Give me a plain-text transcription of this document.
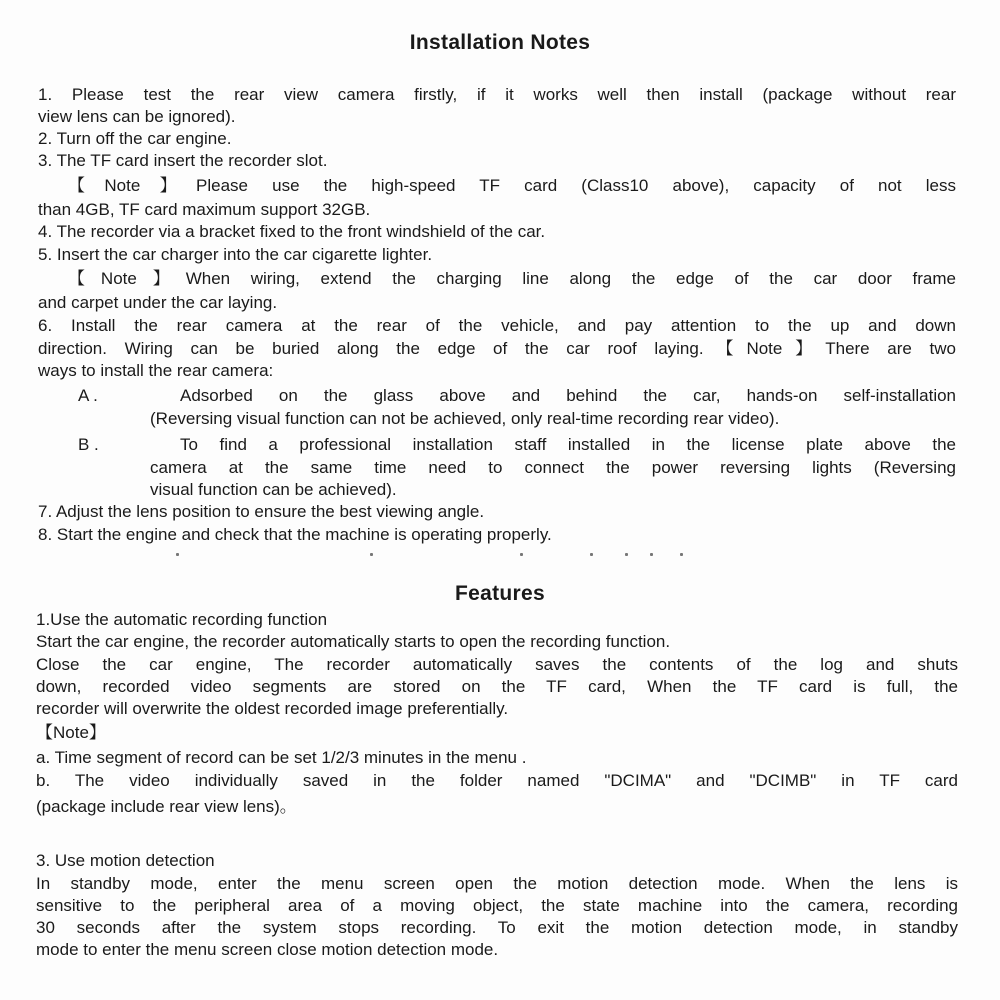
Installation Notes
1. Please test the rear view camera firstly, if it works well then install (package without rear
view lens can be ignored).
2. Turn off the car engine.
3. The TF card insert the recorder slot.
【Note】Please use the high-speed TF card (Class10 above), capacity of not less
than 4GB, TF card maximum support 32GB.
4. The recorder via a bracket fixed to the front windshield of the car.
5. Insert the car charger into the car cigarette lighter.
【Note】When wiring, extend the charging line along the edge of the car door frame
and carpet under the car laying.
6. Install the rear camera at the rear of the vehicle, and pay attention to the up and down
direction. Wiring can be buried along the edge of the car roof laying.【Note】There are two
ways to install the rear camera:
A .	Adsorbed on the glass above and behind the car, hands-on self-installation
(Reversing visual function can not be achieved, only real-time recording rear video).
B .	To find a professional installation staff installed in the license plate above the
camera at the same time need to connect the power reversing lights (Reversing
visual function can be achieved).
7. Adjust the lens position to ensure the best viewing angle.
8. Start the engine and check that the machine is operating properly.
Features
1.Use the automatic recording function
Start the car engine, the recorder automatically starts to open the recording function.
Close the car engine, The recorder automatically saves the contents of the log and shuts
down, recorded video segments are stored on the TF card, When the TF card is full, the
recorder will overwrite the oldest recorded image preferentially.
【Note】
a. Time segment of record can be set 1/2/3 minutes in the menu .
b. The video individually saved in the folder named "DCIMA" and "DCIMB" in TF card
(package include rear view lens)。
3. Use motion detection
In standby mode, enter the menu screen open the motion detection mode. When the lens is
sensitive to the peripheral area of a moving object, the state machine into the camera, recording
30 seconds after the system stops recording. To exit the motion detection mode, in standby
mode to enter the menu screen close motion detection mode.
